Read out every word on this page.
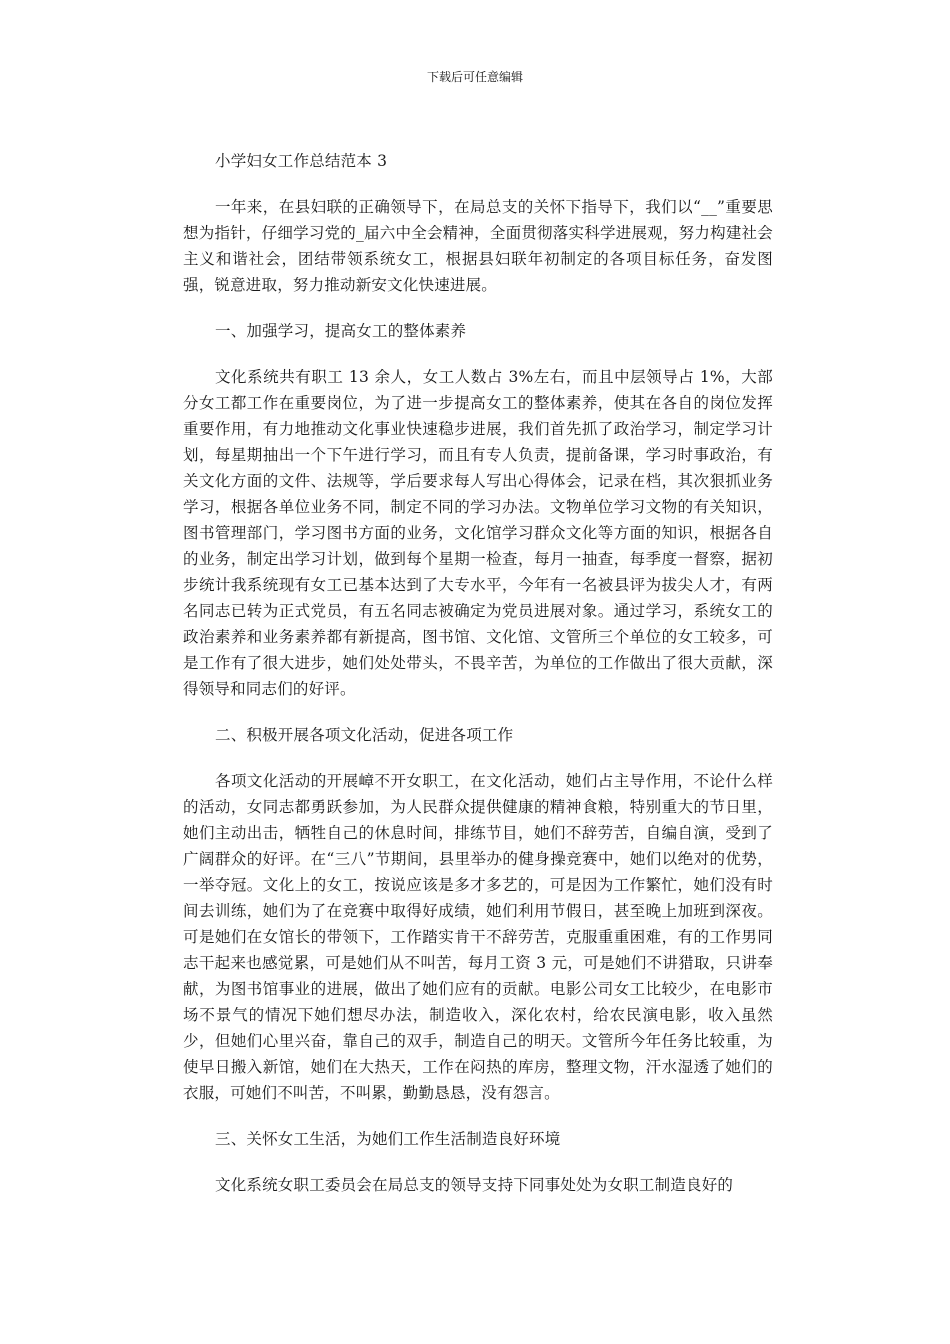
下载后可任意编辑

小学妇女工作总结范本 3

一年来，在县妇联的正确领导下，在局总支的关怀下指导下，我们以“__”重要思想为指针，仔细学习党的_届六中全会精神，全面贯彻落实科学进展观，努力构建社会主义和谐社会，团结带领系统女工，根据县妇联年初制定的各项目标任务，奋发图强，锐意进取，努力推动新安文化快速进展。

一、加强学习，提高女工的整体素养

文化系统共有职工 13 余人，女工人数占 3%左右，而且中层领导占 1%，大部分女工都工作在重要岗位，为了进一步提高女工的整体素养，使其在各自的岗位发挥重要作用，有力地推动文化事业快速稳步进展，我们首先抓了政治学习，制定学习计划，每星期抽出一个下午进行学习，而且有专人负责，提前备课，学习时事政治，有关文化方面的文件、法规等，学后要求每人写出心得体会，记录在档，其次狠抓业务学习，根据各单位业务不同，制定不同的学习办法。文物单位学习文物的有关知识，图书管理部门，学习图书方面的业务，文化馆学习群众文化等方面的知识，根据各自的业务，制定出学习计划，做到每个星期一检查，每月一抽查，每季度一督察，据初步统计我系统现有女工已基本达到了大专水平，今年有一名被县评为拔尖人才，有两名同志已转为正式党员，有五名同志被确定为党员进展对象。通过学习，系统女工的政治素养和业务素养都有新提高，图书馆、文化馆、文管所三个单位的女工较多，可是工作有了很大进步，她们处处带头，不畏辛苦，为单位的工作做出了很大贡献，深得领导和同志们的好评。

二、积极开展各项文化活动，促进各项工作

各项文化活动的开展嶂不开女职工，在文化活动，她们占主导作用，不论什么样的活动，女同志都勇跃参加，为人民群众提供健康的精神食粮，特别重大的节日里，她们主动出击，牺牲自己的休息时间，排练节目，她们不辞劳苦，自编自演，受到了广阔群众的好评。在“三八”节期间，县里举办的健身操竞赛中，她们以绝对的优势，一举夺冠。文化上的女工，按说应该是多才多艺的，可是因为工作繁忙，她们没有时间去训练，她们为了在竞赛中取得好成绩，她们利用节假日，甚至晚上加班到深夜。可是她们在女馆长的带领下，工作踏实肯干不辞劳苦，克服重重困难，有的工作男同志干起来也感觉累，可是她们从不叫苦，每月工资 3 元，可是她们不讲猎取，只讲奉献，为图书馆事业的进展，做出了她们应有的贡献。电影公司女工比较少，在电影市场不景气的情况下她们想尽办法，制造收入，深化农村，给农民演电影，收入虽然少，但她们心里兴奋，靠自己的双手，制造自己的明天。文管所今年任务比较重，为使早日搬入新馆，她们在大热天，工作在闷热的库房，整理文物，汗水湿透了她们的衣服，可她们不叫苦，不叫累，勤勤恳恳，没有怨言。

三、关怀女工生活，为她们工作生活制造良好环境

文化系统女职工委员会在局总支的领导支持下同事处处为女职工制造良好的
